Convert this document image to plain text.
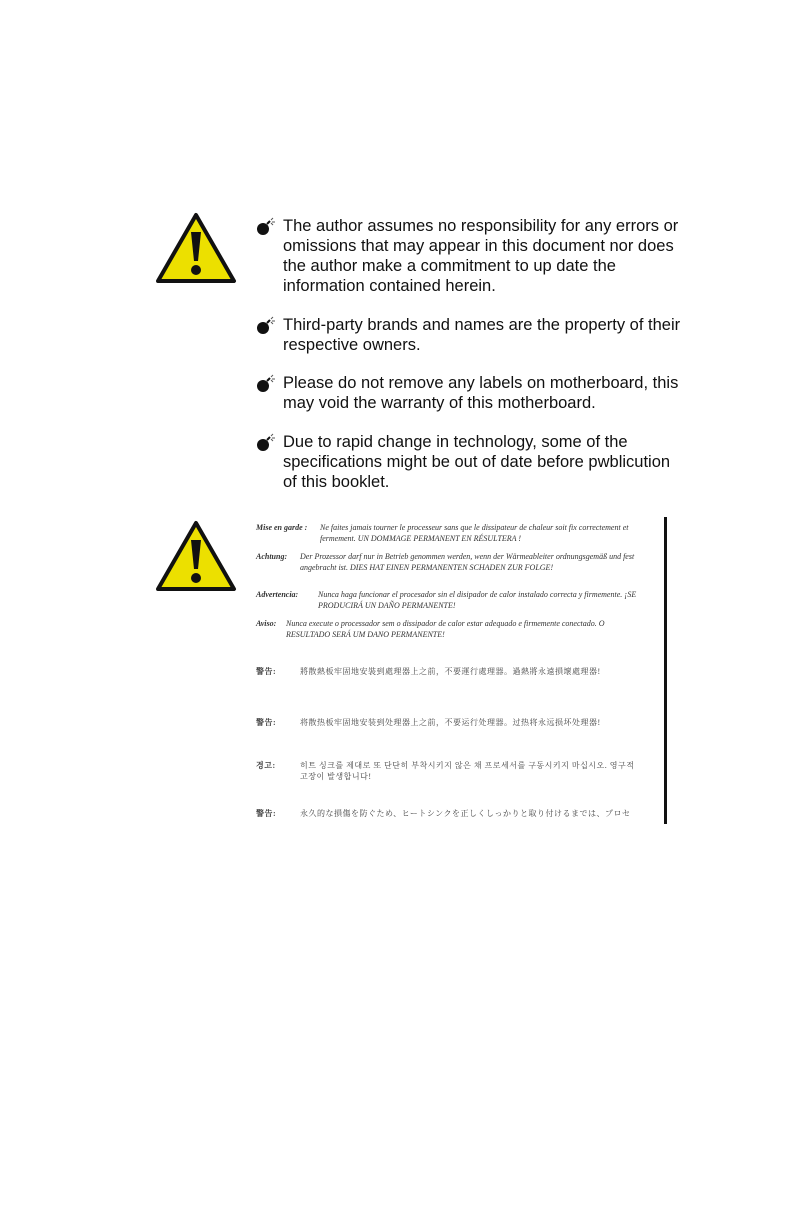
The author assumes no responsibility for any errors or omissions that may appear in this document nor does the author make a commitment to up date the information contained herein.
Third-party brands and names are the property of their respective owners.
Please do not remove any labels on motherboard, this may void the warranty of this motherboard.
Due to rapid change in technology, some of the specifications might be out of date before pwblicution of this booklet.
Mise en garde :	Ne faites jamais tourner le processeur sans que le dissipateur de chaleur soit fix correctement et fermement. UN DOMMAGE PERMANENT EN RÉSULTERA !
Achtung:	Der Prozessor darf nur in Betrieb genommen werden, wenn der Wärmeableiter ordnungsgemäß und fest angebracht ist. DIES HAT EINEN PERMANENTEN SCHADEN ZUR FOLGE!
Advertencia:	Nunca haga funcionar el procesador sin el disipador de calor instalado correcta y firmemente. ¡SE PRODUCIRÁ UN DAÑO PERMANENTE!
Aviso:	Nunca execute o processador sem o dissipador de calor estar adequado e firmemente conectado. O RESULTADO SERÁ UM DANO PERMANENTE!
警告:	將散熱板牢固地安裝到處理器上之前，不要運行處理器。過熱將永遠損壞處理器!
警告:	将散热板牢固地安装到处理器上之前，不要运行处理器。过热将永远损坏处理器!
경고:	히트 싱크를 제대로 또 단단히 부착시키지 않은 채 프로세서를 구동시키지 마십시오. 영구적 고장이 발생합니다!
警告:	永久的な損傷を防ぐため、ヒートシンクを正しくしっかりと取り付けるまでは、プロセ
